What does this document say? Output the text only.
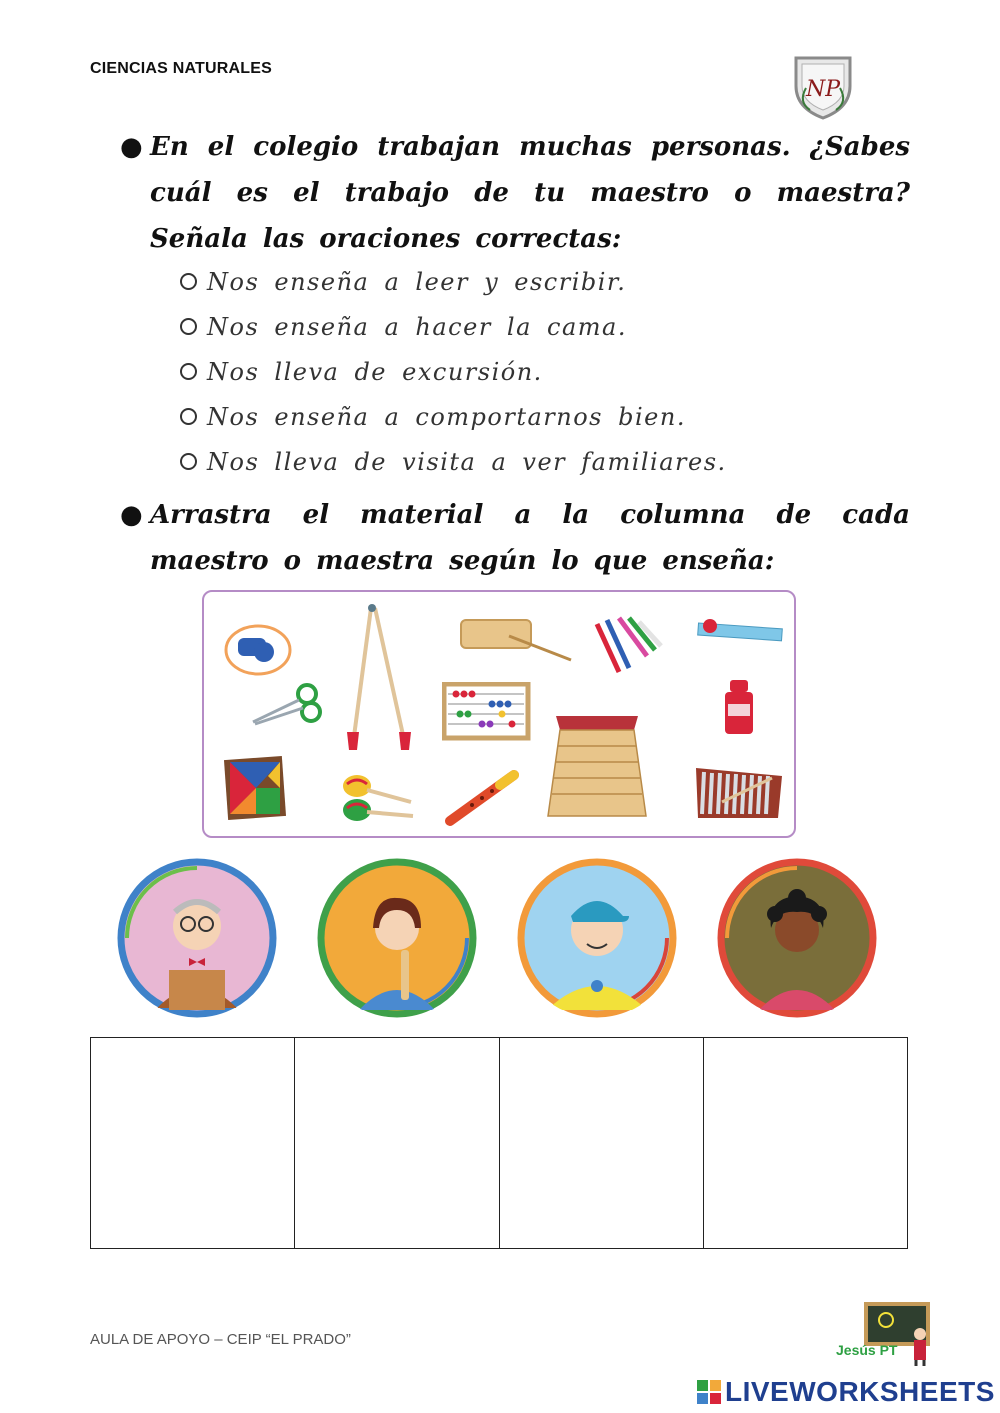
CIENCIAS NATURALES
NP
● En el colegio trabajan muchas personas. ¿Sabes cuál es el trabajo de tu maestro o maestra? Señala las oraciones correctas:
Nos enseña a leer y escribir.
Nos enseña a hacer la cama.
Nos lleva de excursión.
Nos enseña a comportarnos bien.
Nos lleva de visita a ver familiares.
● Arrastra el material a la columna de cada maestro o maestra según lo que enseña:
AULA DE APOYO – CEIP “EL PRADO”
Jesús PT
LIVEWORKSHEETS
